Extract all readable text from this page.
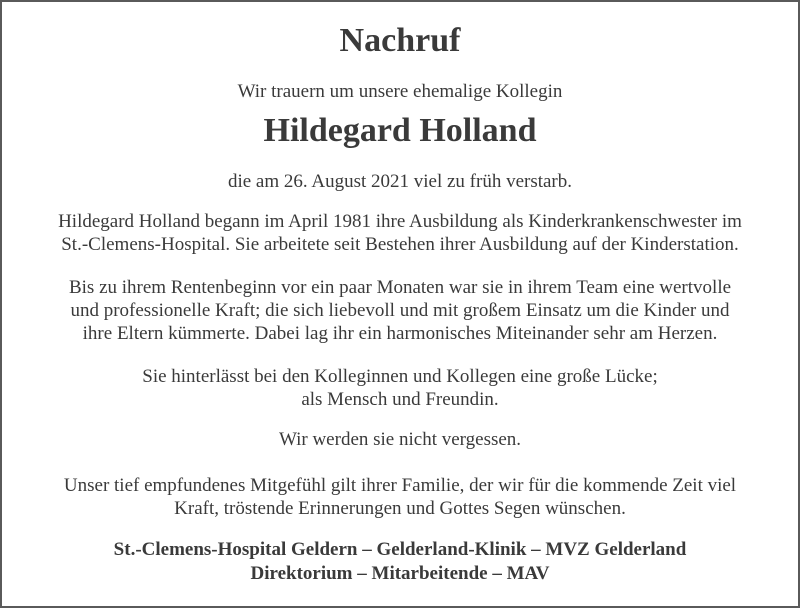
Nachruf
Wir trauern um unsere ehemalige Kollegin
Hildegard Holland
die am 26. August 2021 viel zu früh verstarb.

Hildegard Holland begann im April 1981 ihre Ausbildung als Kinderkrankenschwester im
St.-Clemens-Hospital. Sie arbeitete seit Bestehen ihrer Ausbildung auf der Kinderstation.

Bis zu ihrem Rentenbeginn vor ein paar Monaten war sie in ihrem Team eine wertvolle
und professionelle Kraft; die sich liebevoll und mit großem Einsatz um die Kinder und
ihre Eltern kümmerte. Dabei lag ihr ein harmonisches Miteinander sehr am Herzen.

Sie hinterlässt bei den Kolleginnen und Kollegen eine große Lücke;
als Mensch und Freundin.

Wir werden sie nicht vergessen.

Unser tief empfundenes Mitgefühl gilt ihrer Familie, der wir für die kommende Zeit viel
Kraft, tröstende Erinnerungen und Gottes Segen wünschen.

St.-Clemens-Hospital Geldern – Gelderland-Klinik – MVZ Gelderland
Direktorium – Mitarbeitende – MAV
